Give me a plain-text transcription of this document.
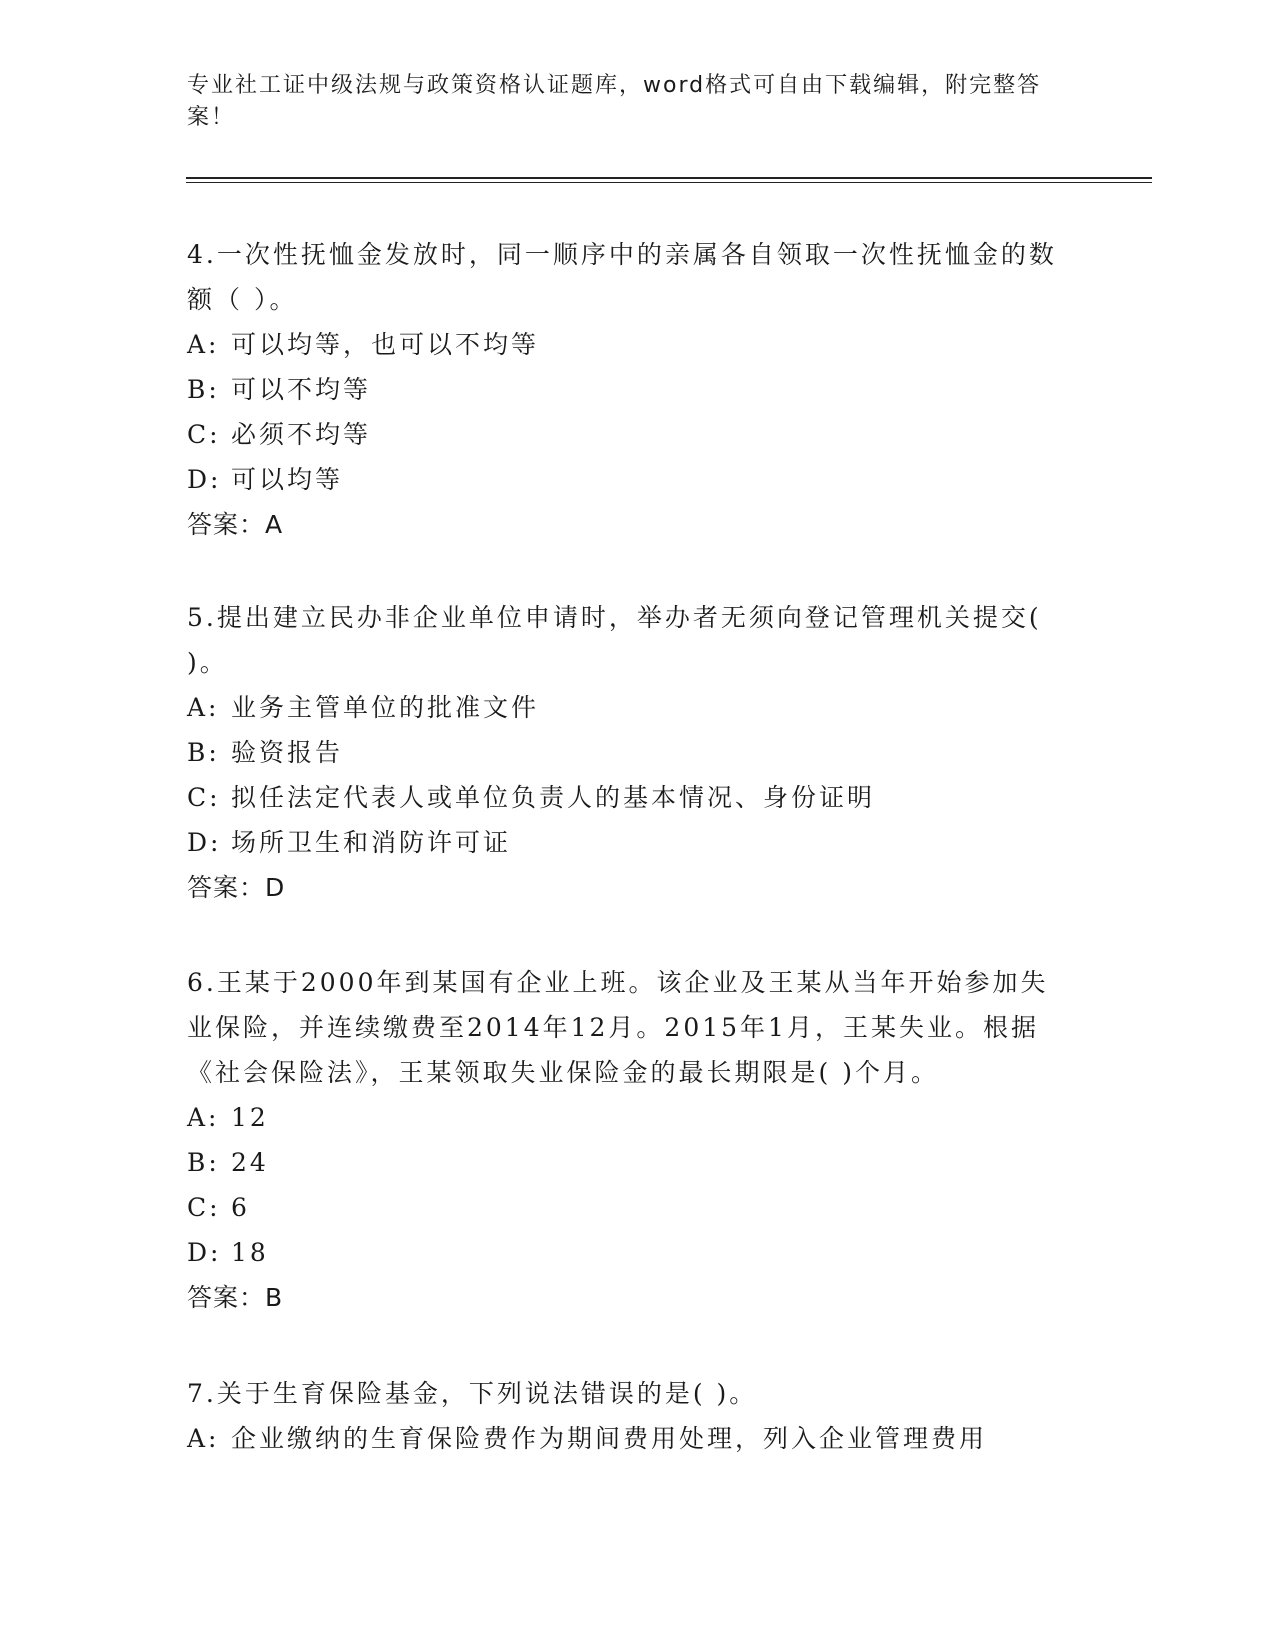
专业社工证中级法规与政策资格认证题库，word格式可自由下载编辑，附完整答案！

4.一次性抚恤金发放时，同一顺序中的亲属各自领取一次性抚恤金的数额（ ）。

A: 可以均等，也可以不均等

B: 可以不均等

C: 必须不均等

D: 可以均等

答案：A

5.提出建立民办非企业单位申请时，举办者无须向登记管理机关提交( )。

A: 业务主管单位的批准文件

B: 验资报告

C: 拟任法定代表人或单位负责人的基本情况、身份证明

D: 场所卫生和消防许可证

答案：D

6.王某于2000年到某国有企业上班。该企业及王某从当年开始参加失业保险，并连续缴费至2014年12月。2015年1月，王某失业。根据《社会保险法》，王某领取失业保险金的最长期限是( )个月。

A: 12

B: 24

C: 6

D: 18

答案：B

7.关于生育保险基金，下列说法错误的是( )。

A: 企业缴纳的生育保险费作为期间费用处理，列入企业管理费用
